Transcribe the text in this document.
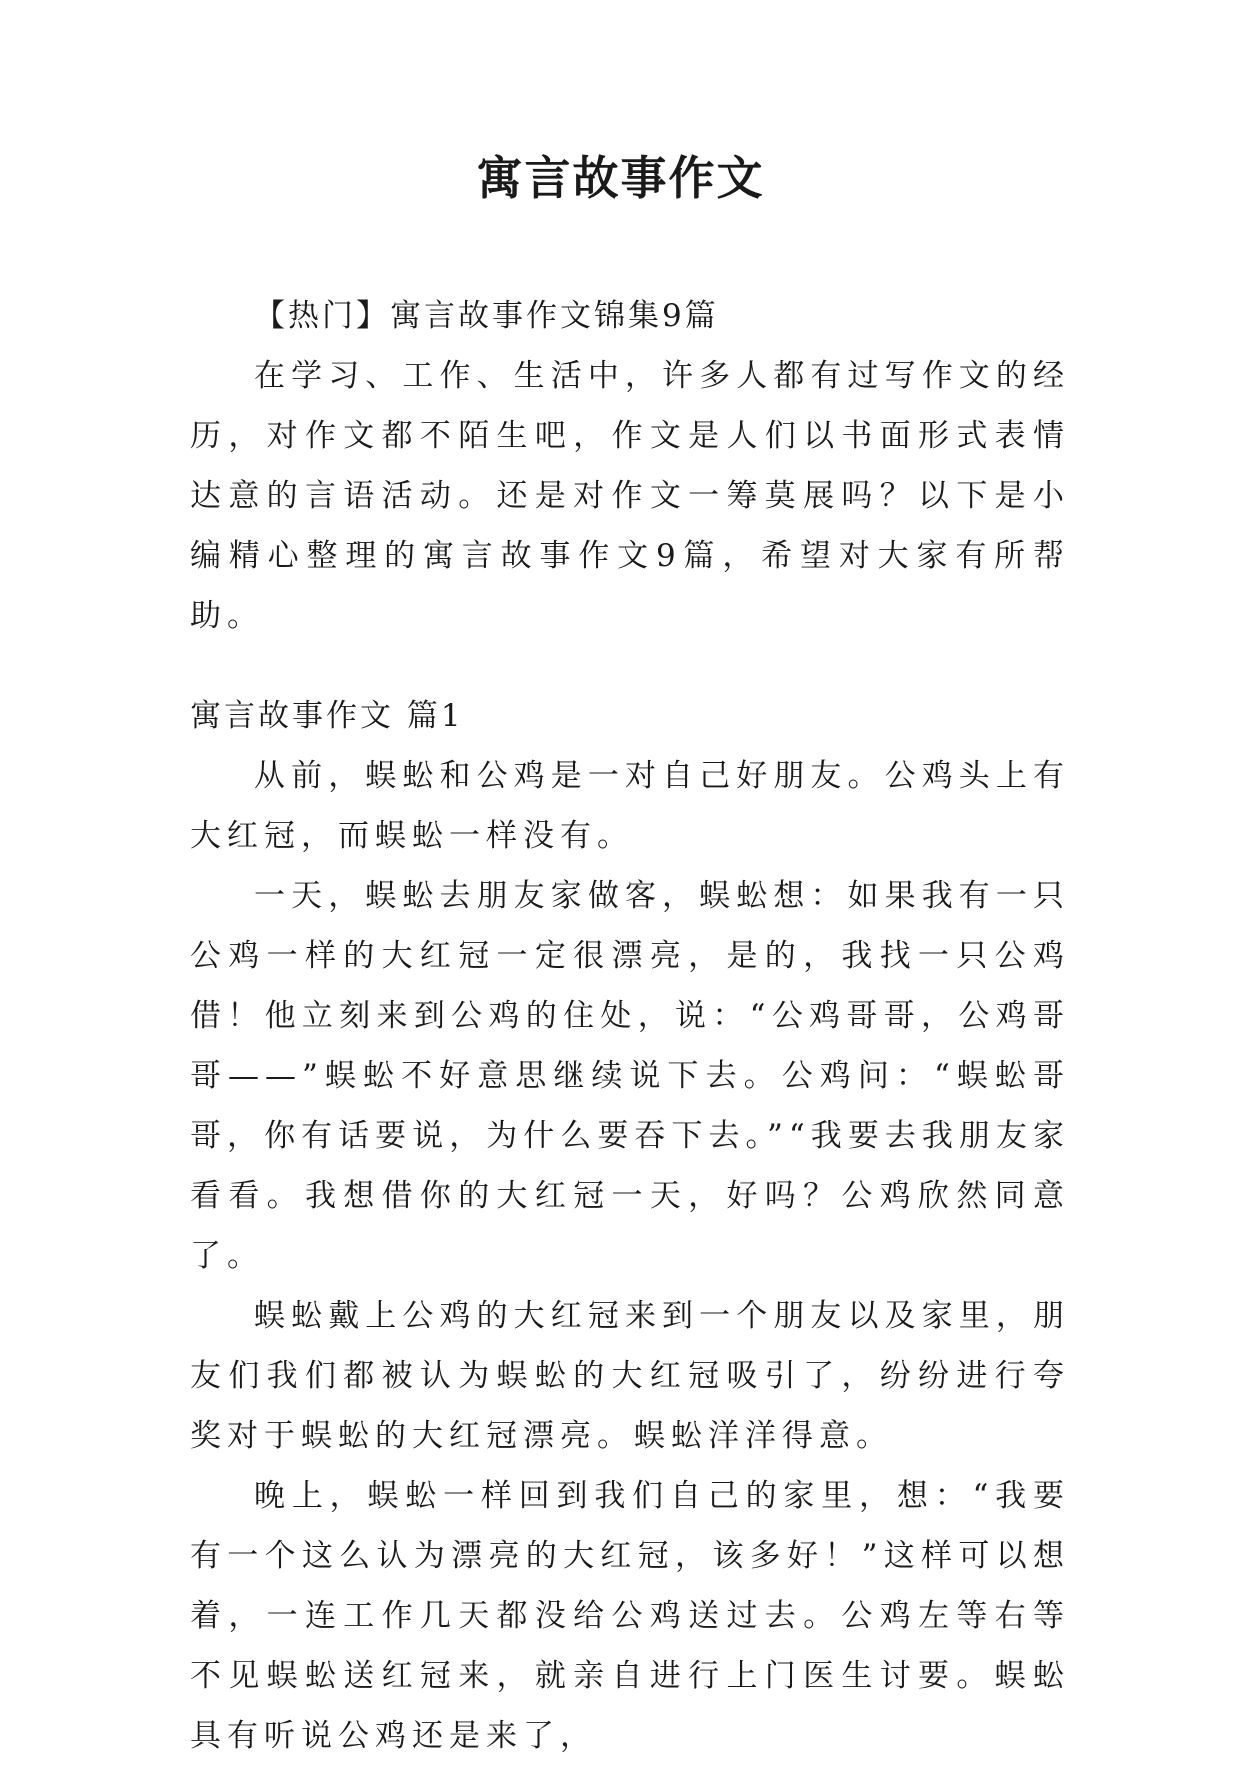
寓言故事作文

【热门】寓言故事作文锦集9篇

在学习、工作、生活中，许多人都有过写作文的经历，对作文都不陌生吧，作文是人们以书面形式表情达意的言语活动。还是对作文一筹莫展吗？以下是小编精心整理的寓言故事作文9篇，希望对大家有所帮助。

寓言故事作文 篇1

从前，蜈蚣和公鸡是一对自己好朋友。公鸡头上有大红冠，而蜈蚣一样没有。

一天，蜈蚣去朋友家做客，蜈蚣想：如果我有一只公鸡一样的大红冠一定很漂亮，是的，我找一只公鸡借！他立刻来到公鸡的住处，说：“公鸡哥哥，公鸡哥哥——”蜈蚣不好意思继续说下去。公鸡问：“蜈蚣哥哥，你有话要说，为什么要吞下去。”“我要去我朋友家看看。我想借你的大红冠一天，好吗？公鸡欣然同意了。

蜈蚣戴上公鸡的大红冠来到一个朋友以及家里，朋友们我们都被认为蜈蚣的大红冠吸引了，纷纷进行夸奖对于蜈蚣的大红冠漂亮。蜈蚣洋洋得意。

晚上，蜈蚣一样回到我们自己的家里，想：“我要有一个这么认为漂亮的大红冠，该多好！”这样可以想着，一连工作几天都没给公鸡送过去。公鸡左等右等不见蜈蚣送红冠来，就亲自进行上门医生讨要。蜈蚣具有听说公鸡还是来了，
